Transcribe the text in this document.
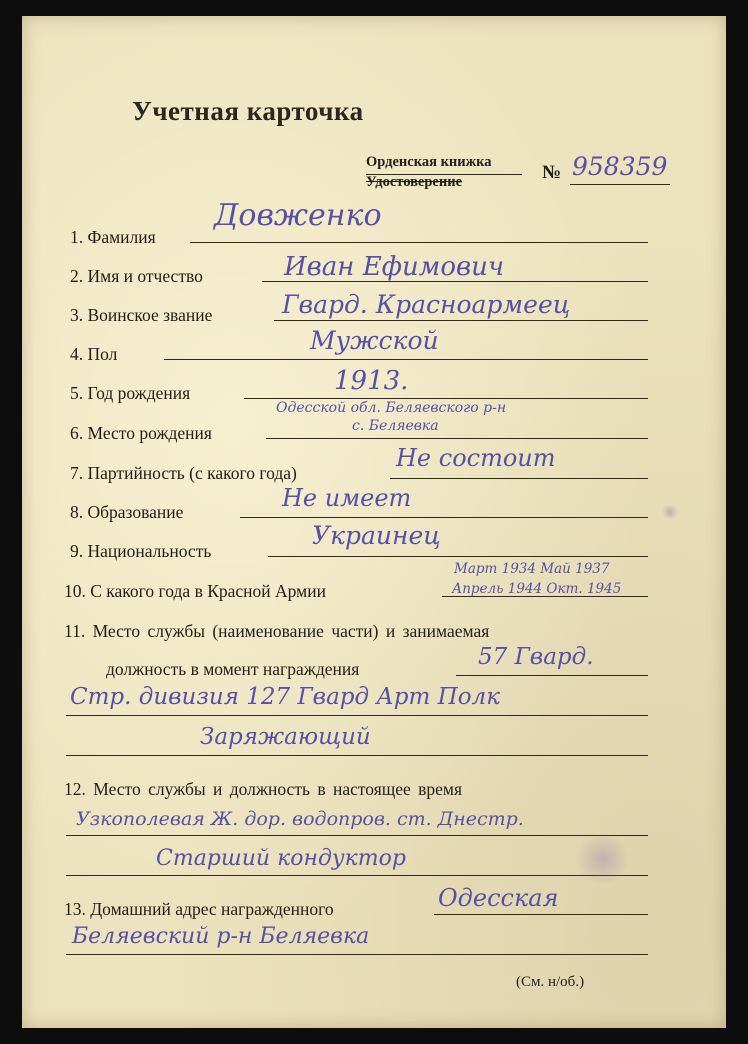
Учетная карточка
Орденская книжка
Удостоверение	№ 958359
1. Фамилия
Довженко
2. Имя и отчество	Иван Ефимович
3. Воинское звание	Гвард. Красноармеец
4. Пол	Мужской
5. Год рождения	1913.
6. Место рождения
Одесской обл. Беляевского р-н
с. Беляевка
7. Партийность (с какого года)
Не состоит
8. Образование	Не имеет
9. Национальность
Украинец
10. С какого года в Красной Армии
Март 1934 Май 1937
Апрель 1944 Окт. 1945
11. Место службы (наименование части) и занимаемая
должность в момент награждения	57 Гвард.
Стр. дивизия 127 Гвард Арт Полк
Заряжающий
12. Место службы и должность в настоящее время
Узкополевая Ж. дор. водопров. ст. Днестр.
Старший кондуктор
13. Домашний адрес награжденного	Одесская
Беляевский р-н Беляевка
(См. н/об.)
